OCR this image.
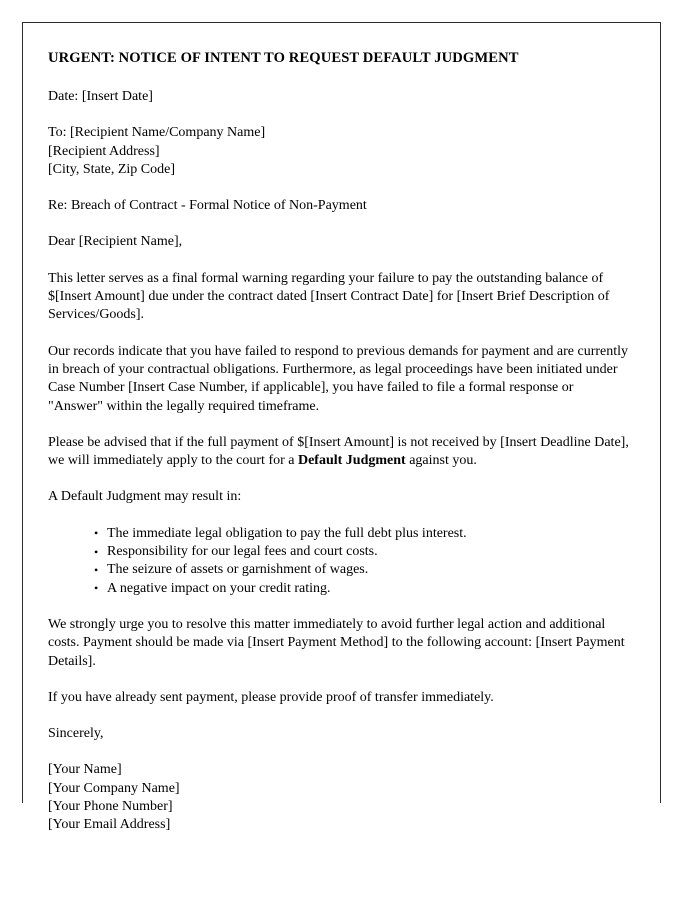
URGENT: NOTICE OF INTENT TO REQUEST DEFAULT JUDGMENT

Date: [Insert Date]

To: [Recipient Name/Company Name]

[Recipient Address]

[City, State, Zip Code]

Re: Breach of Contract - Formal Notice of Non-Payment

Dear [Recipient Name],

This letter serves as a final formal warning regarding your failure to pay the outstanding balance of $[Insert Amount] due under the contract dated [Insert Contract Date] for [Insert Brief Description of Services/Goods].

Our records indicate that you have failed to respond to previous demands for payment and are currently in breach of your contractual obligations. Furthermore, as legal proceedings have been initiated under Case Number [Insert Case Number, if applicable], you have failed to file a formal response or "Answer" within the legally required timeframe.

Please be advised that if the full payment of $[Insert Amount] is not received by [Insert Deadline Date], we will immediately apply to the court for a Default Judgment against you.

A Default Judgment may result in:

• The immediate legal obligation to pay the full debt plus interest.
• Responsibility for our legal fees and court costs.
• The seizure of assets or garnishment of wages.
• A negative impact on your credit rating.

We strongly urge you to resolve this matter immediately to avoid further legal action and additional costs. Payment should be made via [Insert Payment Method] to the following account: [Insert Payment Details].

If you have already sent payment, please provide proof of transfer immediately.

Sincerely,

[Your Name]

[Your Company Name]

[Your Phone Number]

[Your Email Address]
